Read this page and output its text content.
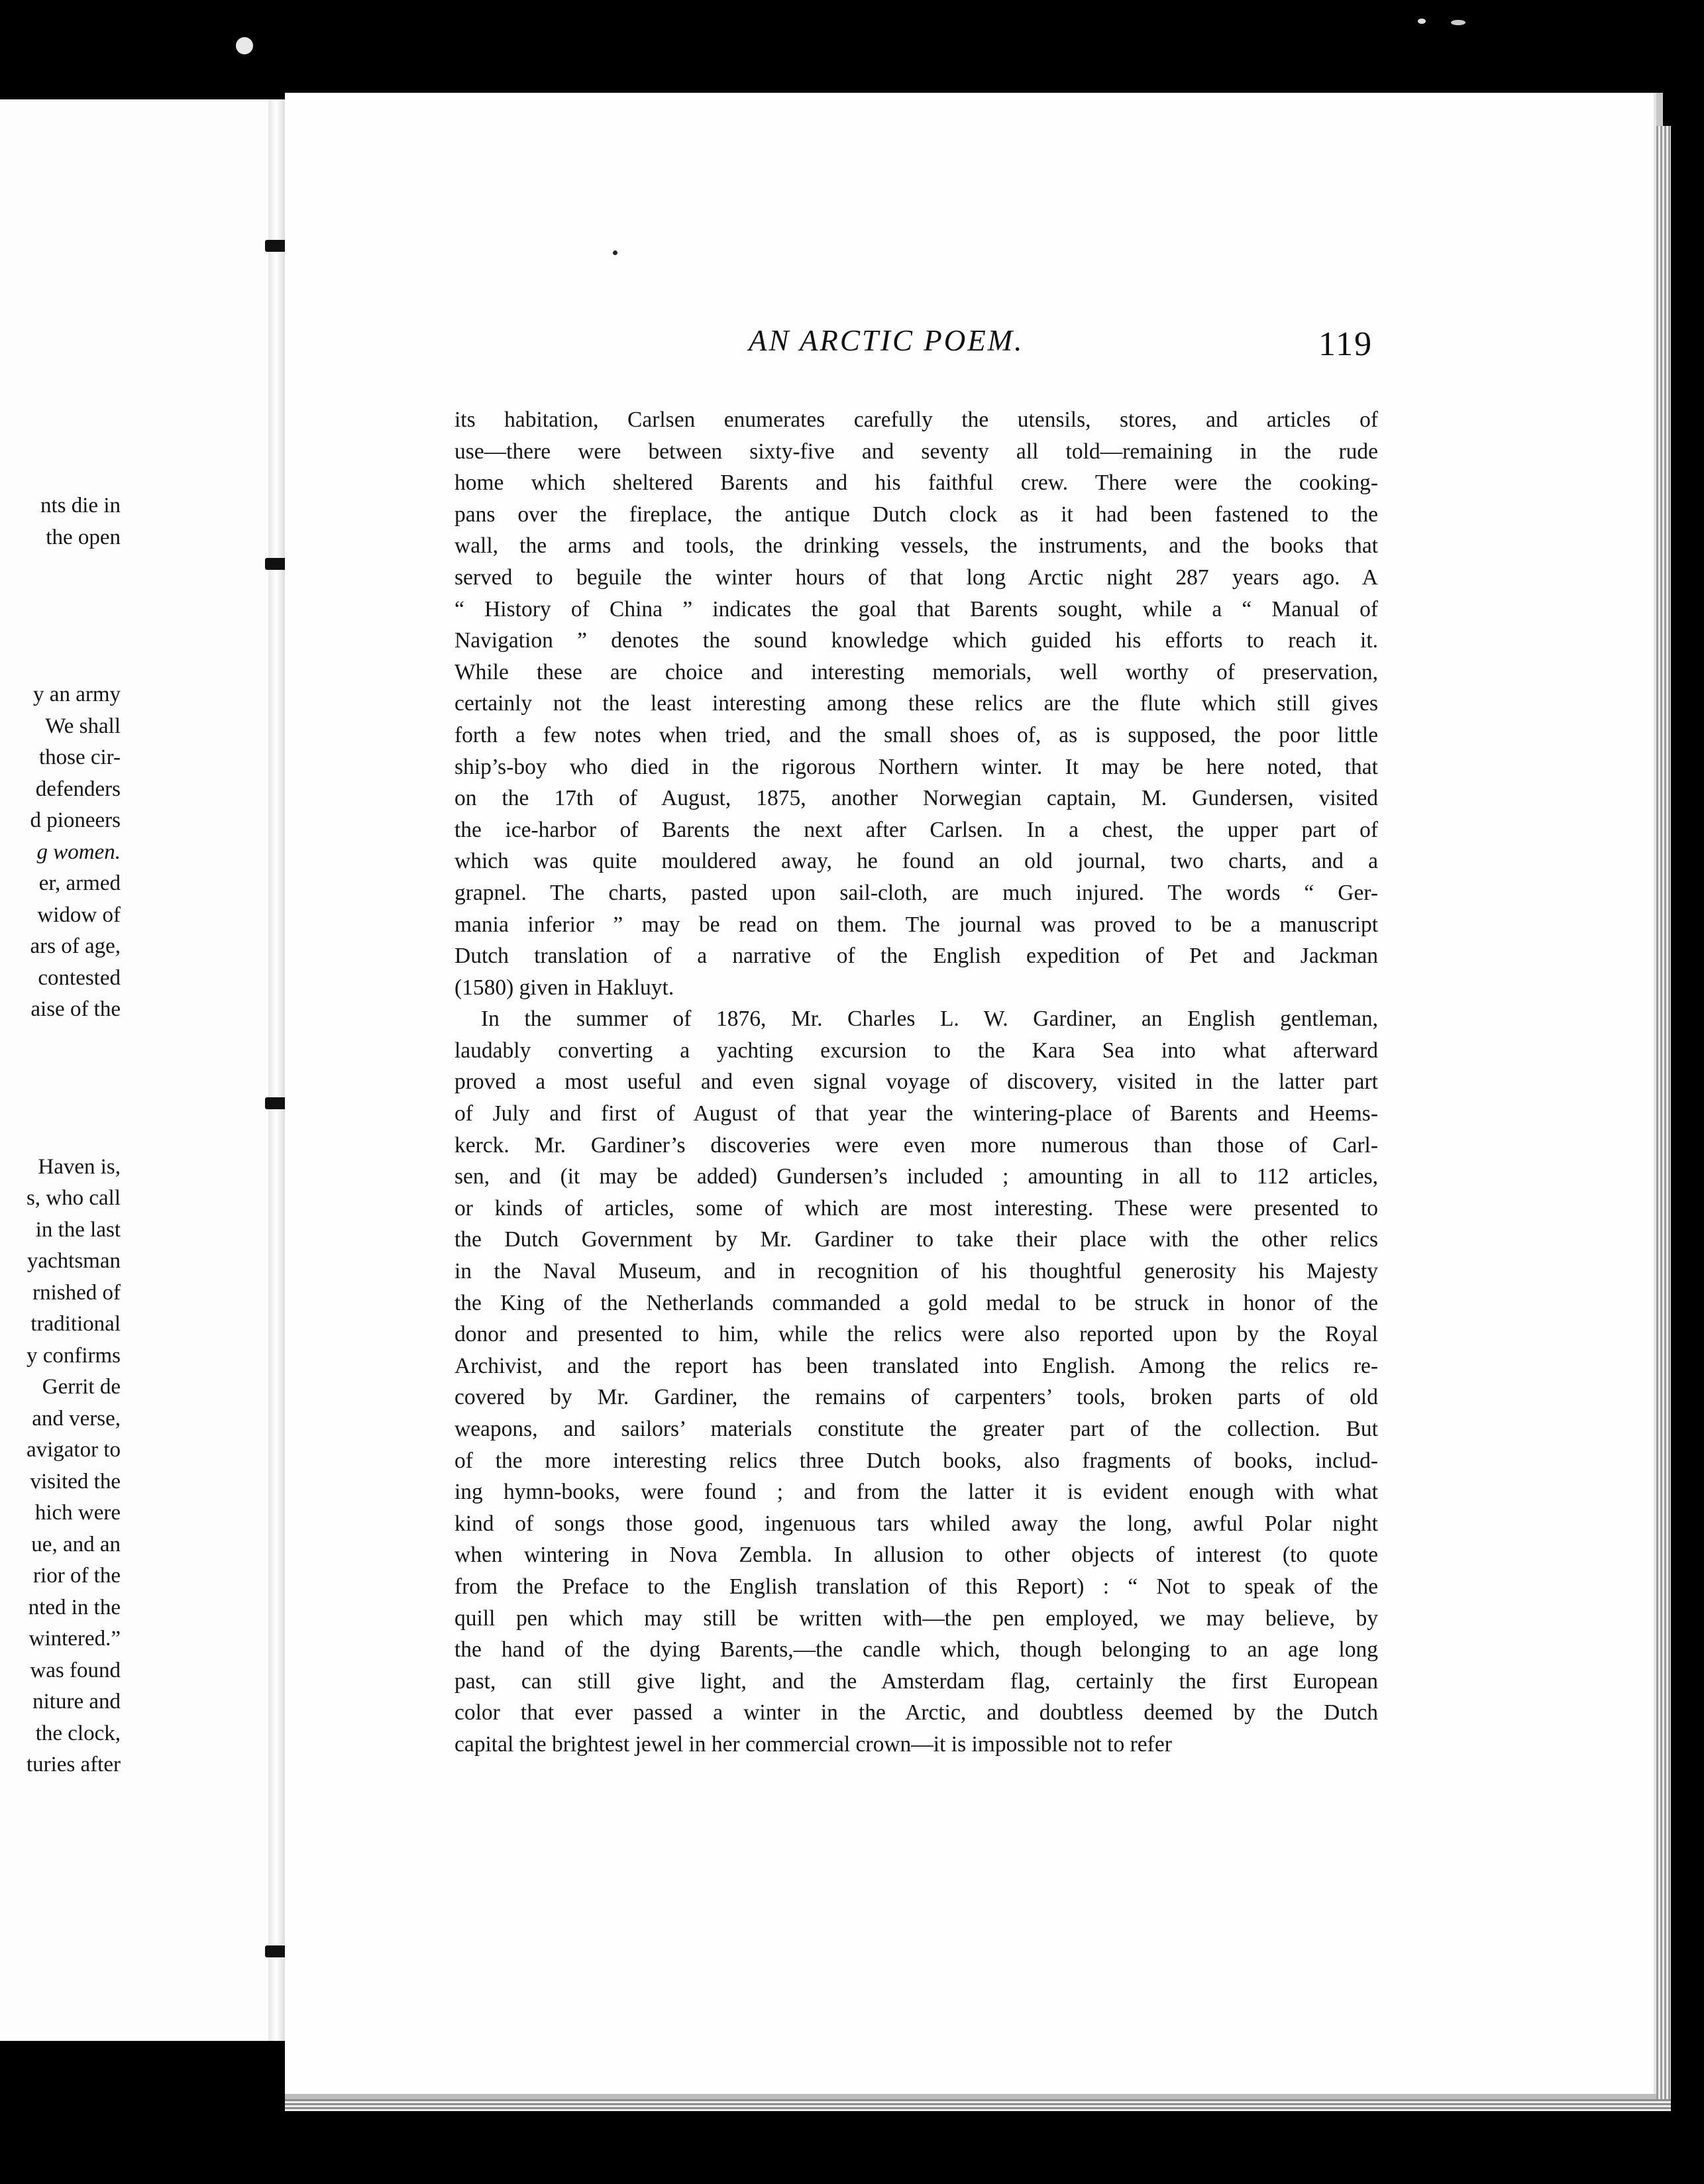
nts die in
the open
y an army
We shall
those cir-
defenders
d pioneers
g women.
er, armed
widow of
ars of age,
contested
aise of the
Haven is,
s, who call
in the last
yachtsman
rnished of
traditional
y confirms
Gerrit de
and verse,
avigator to
visited the
hich were
ue, and an
rior of the
nted in the
wintered.”
was found
niture and
the clock,
turies after
AN ARCTIC POEM.	119
its habitation, Carlsen enumerates carefully the utensils, stores, and articles of
use—there were between sixty-five and seventy all told—remaining in the rude
home which sheltered Barents and his faithful crew. There were the cooking-
pans over the fireplace, the antique Dutch clock as it had been fastened to the
wall, the arms and tools, the drinking vessels, the instruments, and the books that
served to beguile the winter hours of that long Arctic night 287 years ago. A
“ History of China ” indicates the goal that Barents sought, while a “ Manual of
Navigation ” denotes the sound knowledge which guided his efforts to reach it.
While these are choice and interesting memorials, well worthy of preservation,
certainly not the least interesting among these relics are the flute which still gives
forth a few notes when tried, and the small shoes of, as is supposed, the poor little
ship’s-boy who died in the rigorous Northern winter. It may be here noted, that
on the 17th of August, 1875, another Norwegian captain, M. Gundersen, visited
the ice-harbor of Barents the next after Carlsen. In a chest, the upper part of
which was quite mouldered away, he found an old journal, two charts, and a
grapnel. The charts, pasted upon sail-cloth, are much injured. The words “ Ger-
mania inferior ” may be read on them. The journal was proved to be a manuscript
Dutch translation of a narrative of the English expedition of Pet and Jackman
(1580) given in Hakluyt.
In the summer of 1876, Mr. Charles L. W. Gardiner, an English gentleman,
laudably converting a yachting excursion to the Kara Sea into what afterward
proved a most useful and even signal voyage of discovery, visited in the latter part
of July and first of August of that year the wintering-place of Barents and Heems-
kerck. Mr. Gardiner’s discoveries were even more numerous than those of Carl-
sen, and (it may be added) Gundersen’s included ; amounting in all to 112 articles,
or kinds of articles, some of which are most interesting. These were presented to
the Dutch Government by Mr. Gardiner to take their place with the other relics
in the Naval Museum, and in recognition of his thoughtful generosity his Majesty
the King of the Netherlands commanded a gold medal to be struck in honor of the
donor and presented to him, while the relics were also reported upon by the Royal
Archivist, and the report has been translated into English. Among the relics re-
covered by Mr. Gardiner, the remains of carpenters’ tools, broken parts of old
weapons, and sailors’ materials constitute the greater part of the collection. But
of the more interesting relics three Dutch books, also fragments of books, includ-
ing hymn-books, were found ; and from the latter it is evident enough with what
kind of songs those good, ingenuous tars whiled away the long, awful Polar night
when wintering in Nova Zembla. In allusion to other objects of interest (to quote
from the Preface to the English translation of this Report) : “ Not to speak of the
quill pen which may still be written with—the pen employed, we may believe, by
the hand of the dying Barents,—the candle which, though belonging to an age long
past, can still give light, and the Amsterdam flag, certainly the first European
color that ever passed a winter in the Arctic, and doubtless deemed by the Dutch
capital the brightest jewel in her commercial crown—it is impossible not to refer
